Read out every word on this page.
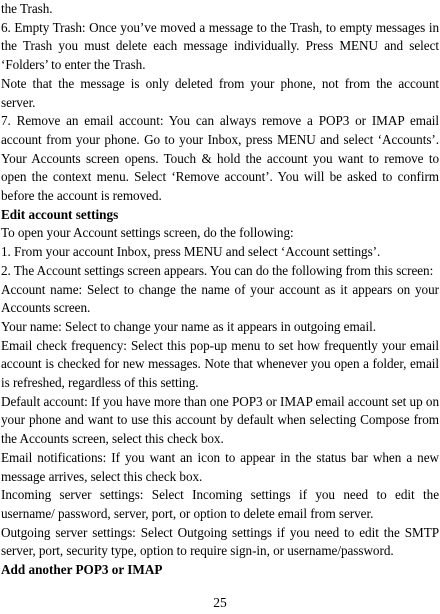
the Trash.

6. Empty Trash: Once you’ve moved a message to the Trash, to empty messages in the Trash you must delete each message individually. Press MENU and select ‘Folders’ to enter the Trash.

Note that the message is only deleted from your phone, not from the account server.

7. Remove an email account: You can always remove a POP3 or IMAP email account from your phone. Go to your Inbox, press MENU and select ‘Accounts’. Your Accounts screen opens. Touch & hold the account you want to remove to open the context menu. Select ‘Remove account’. You will be asked to confirm before the account is removed.

Edit account settings

To open your Account settings screen, do the following:

1. From your account Inbox, press MENU and select ‘Account settings’.

2. The Account settings screen appears. You can do the following from this screen:

Account name: Select to change the name of your account as it appears on your Accounts screen.

Your name: Select to change your name as it appears in outgoing email.

Email check frequency: Select this pop-up menu to set how frequently your email account is checked for new messages. Note that whenever you open a folder, email is refreshed, regardless of this setting.

Default account: If you have more than one POP3 or IMAP email account set up on your phone and want to use this account by default when selecting Compose from the Accounts screen, select this check box.

Email notifications: If you want an icon to appear in the status bar when a new message arrives, select this check box.

Incoming server settings: Select Incoming settings if you need to edit the username/ password, server, port, or option to delete email from server.

Outgoing server settings: Select Outgoing settings if you need to edit the SMTP server, port, security type, option to require sign-in, or username/password.

Add another POP3 or IMAP

25
